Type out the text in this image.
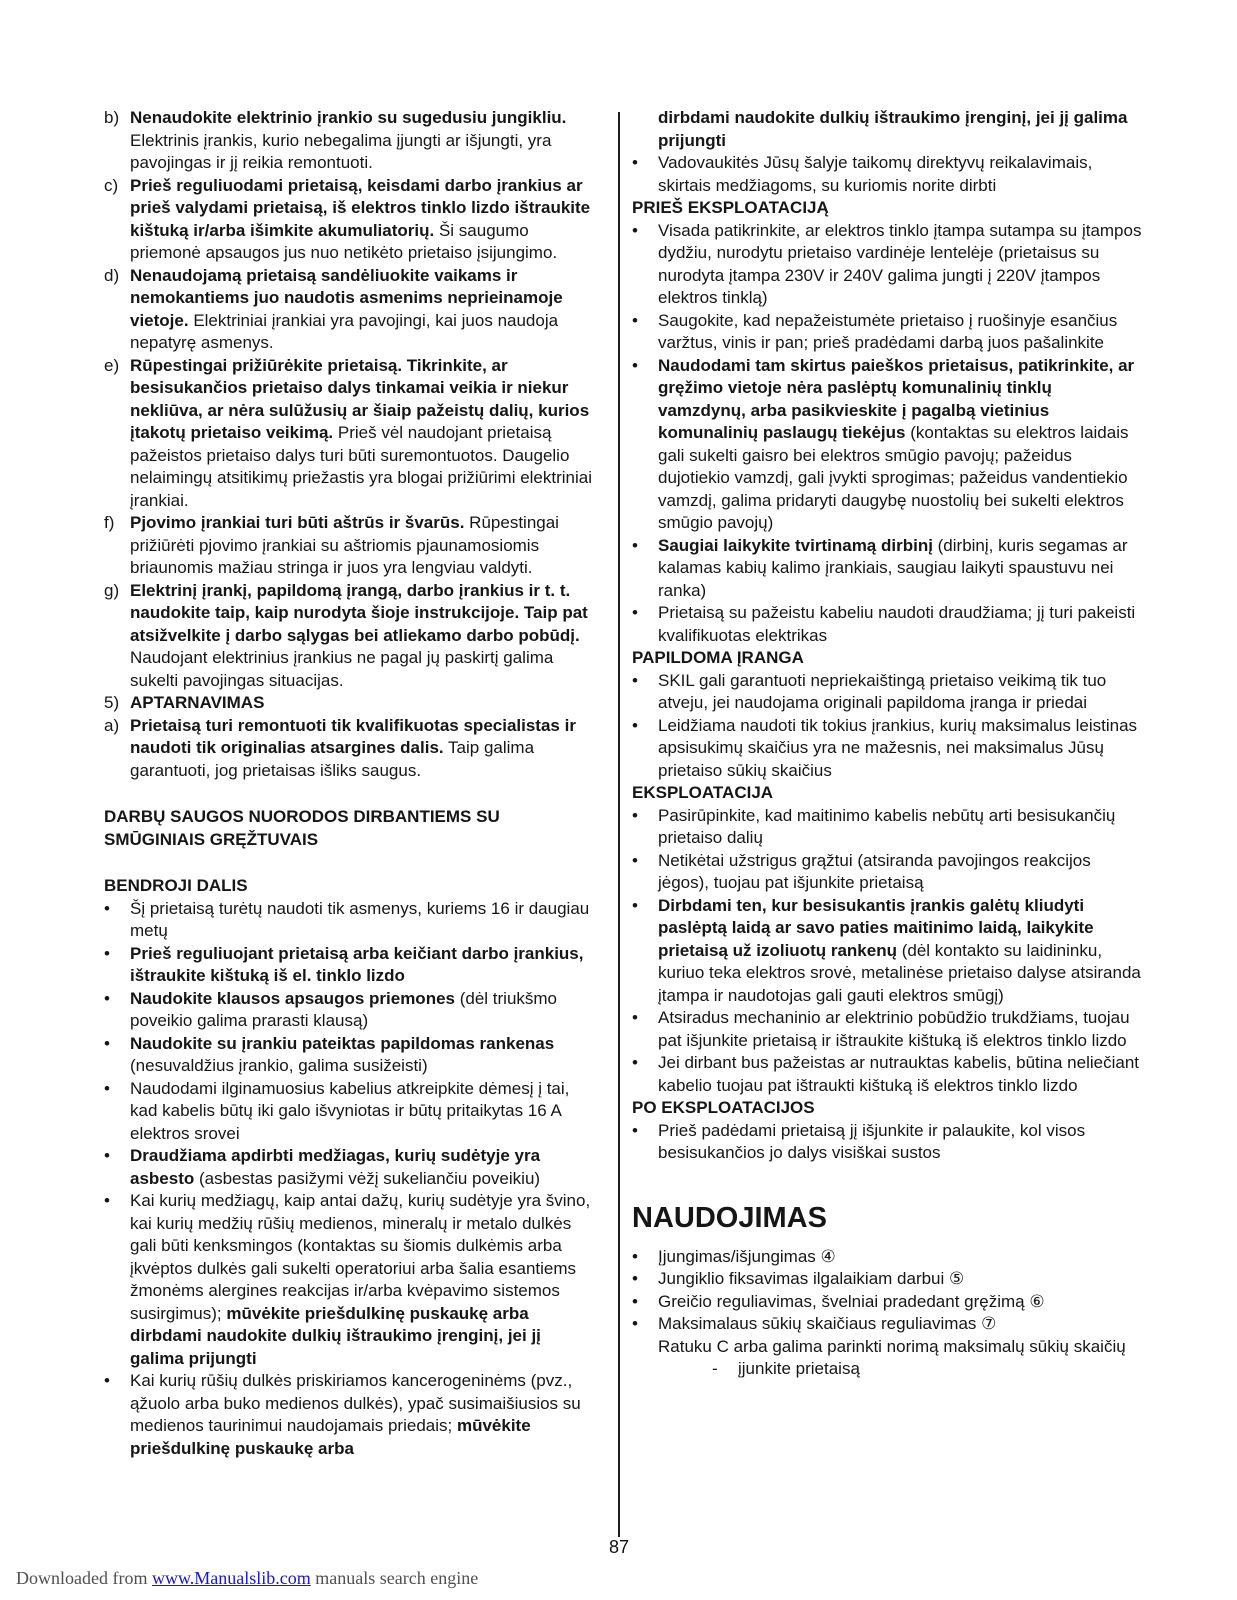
b) Nenaudokite elektrinio įrankio su sugedusiu jungikliu. Elektrinis įrankis, kurio nebegalima įjungti ar išjungti, yra pavojingas ir jį reikia remontuoti.
c) Prieš reguliuodami prietaisą, keisdami darbo įrankius ar prieš valydami prietaisą, iš elektros tinklo lizdo ištraukite kištuką ir/arba išimkite akumuliatorių. Ši saugumo priemonė apsaugos jus nuo netikėto prietaiso įsijungimo.
d) Nenaudojamą prietaisą sandėliuokite vaikams ir nemokantiems juo naudotis asmenims neprieinamoje vietoje. Elektriniai įrankiai yra pavojingi, kai juos naudoja nepatyrę asmenys.
e) Rūpestingai prižiūrėkite prietaisą. Tikrinkite, ar besisukančios prietaiso dalys tinkamai veikia ir niekur nekliūva, ar nėra sulūžusių ar šiaip pažeistų dalių, kurios įtakotų prietaiso veikimą. Prieš vėl naudojant prietaisą pažeistos prietaiso dalys turi būti suremontuotos. Daugelio nelaimingų atsitikimų priežastis yra blogai prižiūrimi elektriniai įrankiai.
f) Pjovimo įrankiai turi būti aštrūs ir švarūs. Rūpestingai prižiūrėti pjovimo įrankiai su aštriomis pjaunamosiomis briaunomis mažiau stringa ir juos yra lengviau valdyti.
g) Elektrinį įrankį, papildomą įrangą, darbo įrankius ir t. t. naudokite taip, kaip nurodyta šioje instrukcijoje. Taip pat atsižvelkite į darbo sąlygas bei atliekamo darbo pobūdį. Naudojant elektrinius įrankius ne pagal jų paskirtį galima sukelti pavojingas situacijas.
5) APTARNAVIMAS
a) Prietaisą turi remontuoti tik kvalifikuotas specialistas ir naudoti tik originalias atsargines dalis. Taip galima garantuoti, jog prietaisas išliks saugus.
DARBŲ SAUGOS NUORODOS DIRBANTIEMS SU SMŪGINIAIS GRĘŽTUVAIS
BENDROJI DALIS
•	Šį prietaisą turėtų naudoti tik asmenys, kuriems 16 ir daugiau metų
•	Prieš reguliuojant prietaisą arba keičiant darbo įrankius, ištraukite kištuką iš el. tinklo lizdo
•	Naudokite klausos apsaugos priemones (dėl triukšmo poveikio galima prarasti klausą)
•	Naudokite su įrankiu pateiktas papildomas rankenas (nesuvaldžius įrankio, galima susižeisti)
•	Naudodami ilginamuosius kabelius atkreipkite dėmesį į tai, kad kabelis būtų iki galo išvyniotas ir būtų pritaikytas 16 A elektros srovei
•	Draudžiama apdirbti medžiagas, kurių sudėtyje yra asbesto (asbestas pasižymi vėžį sukeliančiu poveikiu)
•	Kai kurių medžiagų, kaip antai dažų, kurių sudėtyje yra švino, kai kurių medžių rūšių medienos, mineralų ir metalo dulkės gali būti kenksmingos (kontaktas su šiomis dulkėmis arba įkvėptos dulkės gali sukelti operatoriui arba šalia esantiems žmonėms alergines reakcijas ir/arba kvėpavimo sistemos susirgimus); mūvėkite priešdulkinę puskaukę arba dirbdami naudokite dulkių ištraukimo įrenginį, jei jį galima prijungti
•	Kai kurių rūšių dulkės priskiriamos kancerogeninėms (pvz., ąžuolo arba buko medienos dulkės), ypač susimaišiusios su medienos taurinimui naudojamais priedais; mūvėkite priešdulkinę puskaukę arba
dirbdami naudokite dulkių ištraukimo įrenginį, jei jį galima prijungti
•	Vadovaukitės Jūsų šalyje taikomų direktyvų reikalavimais, skirtais medžiagoms, su kuriomis norite dirbti
PRIEŠ EKSPLOATACIJĄ
•	Visada patikrinkite, ar elektros tinklo įtampa sutampa su įtampos dydžiu, nurodytu prietaiso vardinėje lentelėje (prietaisus su nurodyta įtampa 230V ir 240V galima jungti į 220V įtampos elektros tinklą)
•	Saugokite, kad nepažeistumėte prietaiso į ruošinyje esančius varžtus, vinis ir pan; prieš pradėdami darbą juos pašalinkite
•	Naudodami tam skirtus paieškos prietaisus, patikrinkite, ar gręžimo vietoje nėra paslėptų komunalinių tinklų vamzdynų, arba pasikvieskite į pagalbą vietinius komunalinių paslaugų tiekėjus (kontaktas su elektros laidais gali sukelti gaisro bei elektros smūgio pavojų; pažeidus dujotiekio vamzdį, gali įvykti sprogimas; pažeidus vandentiekio vamzdį, galima pridaryti daugybę nuostolių bei sukelti elektros smūgio pavojų)
•	Saugiai laikykite tvirtinamą dirbinį (dirbinį, kuris segamas ar kalamas kabių kalimo įrankiais, saugiau laikyti spaustuvu nei ranka)
•	Prietaisą su pažeistu kabeliu naudoti draudžiama; jį turi pakeisti kvalifikuotas elektrikas
PAPILDOMA ĮRANGA
•	SKIL gali garantuoti nepriekaištingą prietaiso veikimą tik tuo atveju, jei naudojama originali papildoma įranga ir priedai
•	Leidžiama naudoti tik tokius įrankius, kurių maksimalus leistinas apsisukimų skaičius yra ne mažesnis, nei maksimalus Jūsų prietaiso sūkių skaičius
EKSPLOATACIJA
•	Pasirūpinkite, kad maitinimo kabelis nebūtų arti besisukančių prietaiso dalių
•	Netikėtai užstrigus grąžtui (atsiranda pavojingos reakcijos jėgos), tuojau pat išjunkite prietaisą
•	Dirbdami ten, kur besisukantis įrankis galėtų kliudyti paslėptą laidą ar savo paties maitinimo laidą, laikykite prietaisą už izoliuotų rankenų (dėl kontakto su laidininku, kuriuo teka elektros srovė, metalinėse prietaiso dalyse atsiranda įtampa ir naudotojas gali gauti elektros smūgį)
•	Atsiradus mechaninio ar elektrinio pobūdžio trukdžiams, tuojau pat išjunkite prietaisą ir ištraukite kištuką iš elektros tinklo lizdo
•	Jei dirbant bus pažeistas ar nutrauktas kabelis, būtina neliečiant kabelio tuojau pat ištraukti kištuką iš elektros tinklo lizdo
PO EKSPLOATACIJOS
•	Prieš padėdami prietaisą jį išjunkite ir palaukite, kol visos besisukančios jo dalys visiškai sustos
NAUDOJIMAS
•	Įjungimas/išjungimas ④
•	Jungiklio fiksavimas ilgalaikiam darbui ⑤
•	Greičio reguliavimas, švelniai pradedant gręžimą ⑥
•	Maksimalaus sūkių skaičiaus reguliavimas ⑦
Ratuku C arba galima parinkti norimą maksimalų sūkių skaičių
-	įjunkite prietaisą
87
Downloaded from www.Manualslib.com manuals search engine
